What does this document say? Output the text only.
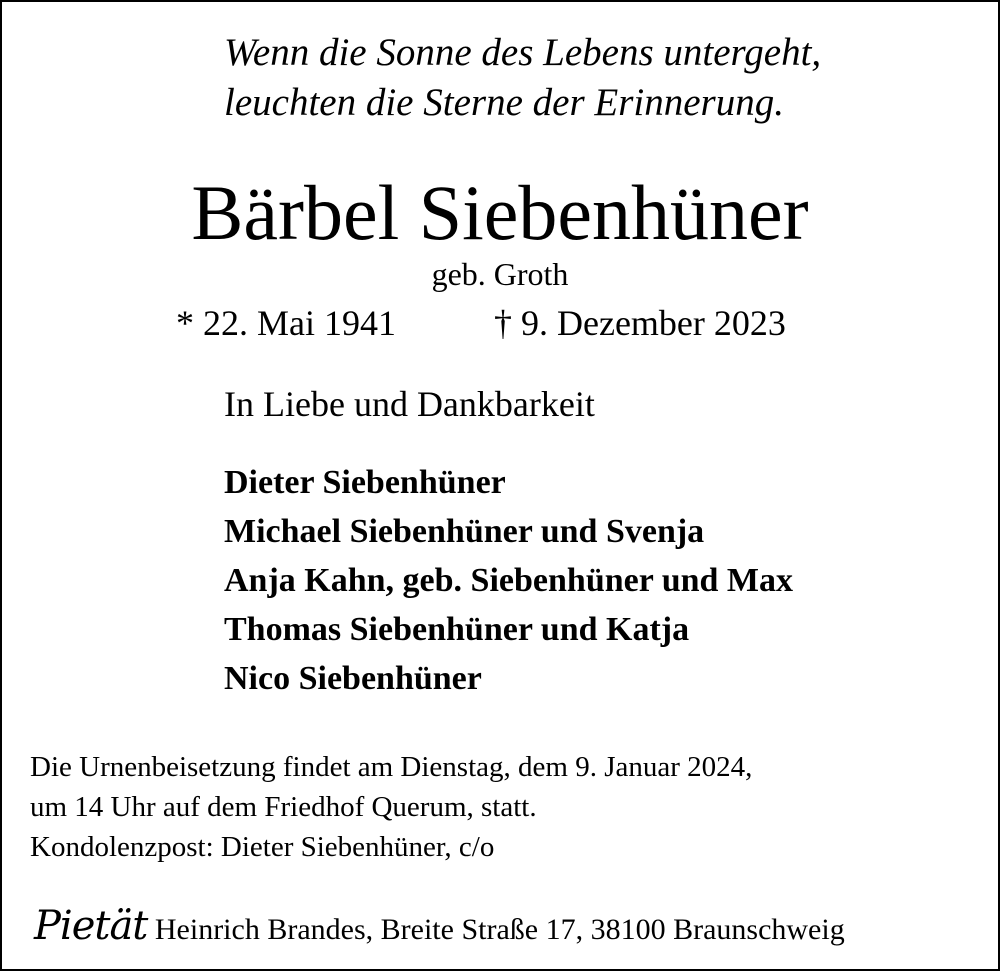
Wenn die Sonne des Lebens untergeht,
leuchten die Sterne der Erinnerung.
Bärbel Siebenhüner
geb. Groth
* 22. Mai 1941	† 9. Dezember 2023
In Liebe und Dankbarkeit
Dieter Siebenhüner
Michael Siebenhüner und Svenja
Anja Kahn, geb. Siebenhüner und Max
Thomas Siebenhüner und Katja
Nico Siebenhüner
Die Urnenbeisetzung findet am Dienstag, dem 9. Januar 2024,
um 14 Uhr auf dem Friedhof Querum, statt.
Kondolenzpost: Dieter Siebenhüner, c/o
Pietät Heinrich Brandes, Breite Straße 17, 38100 Braunschweig
